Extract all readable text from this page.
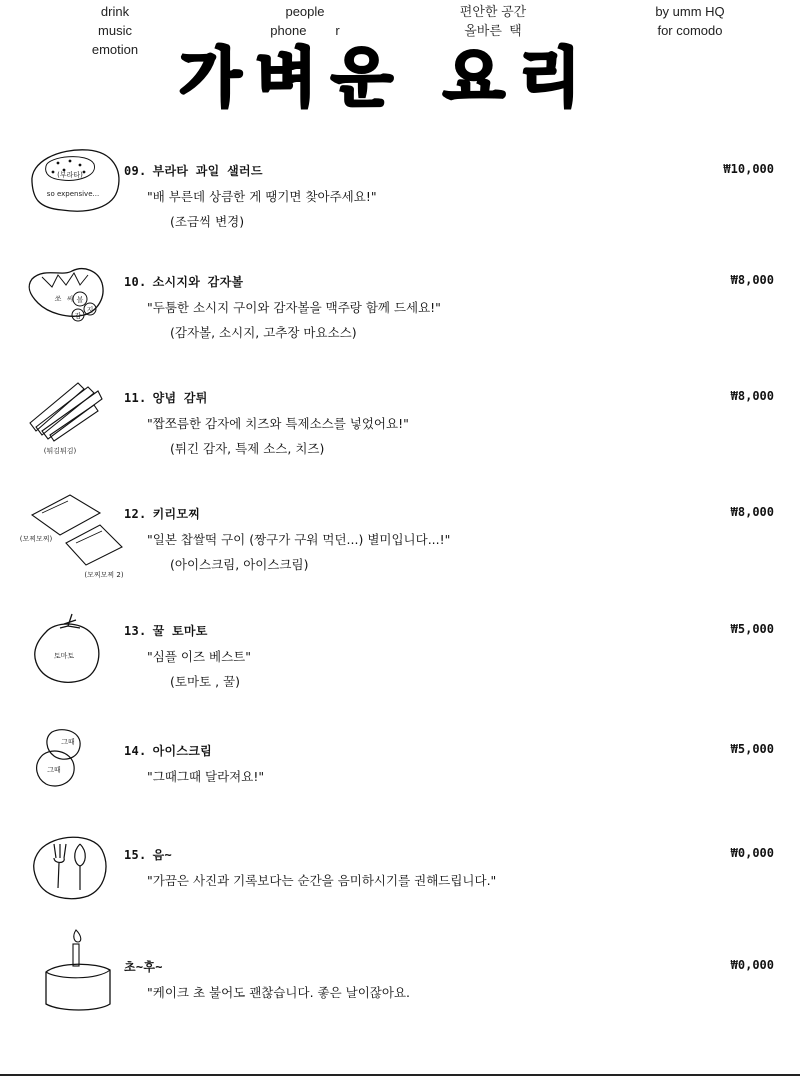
drink
music
emotion
people
phone r
편안한 공간
올바른 택
by umm HQ
for comodo
가벼운 요리
(부라타)
so expensive...
09. 부라타 과일 샐러드	₩10,000
"배 부른데 상큼한 게 땡기면 찾아주세요!"
(조금씩 변경)
쏘 씨 볼
지
감
10. 소시지와 감자볼	₩8,000
"두툼한 소시지 구이와 감자볼을 맥주랑 함께 드세요!"
(감자볼, 소시지, 고추장 마요소스)
(튀김튀김)
11. 양념 감튀	₩8,000
"짭쪼름한 감자에 치즈와 특제소스를 넣었어요!"
(튀긴 감자, 특제 소스, 치즈)
(모찌모찌)
(모찌모찌 2)
12. 키리모찌	₩8,000
"일본 찹쌀떡 구이 (짱구가 구워 먹던...) 별미입니다...!"
(아이스크림, 아이스크림)
토마토
13. 꿀 토마토	₩5,000
"심플 이즈 베스트"
(토마토 , 꿀)
그때
그때
14. 아이스크림	₩5,000
"그때그때 달라져요!"
15. 음~	₩0,000
"가끔은 사진과 기록보다는 순간을 음미하시기를 권해드립니다."
초~후~	₩0,000
"케이크 초 불어도 괜찮습니다. 좋은 날이잖아요.
